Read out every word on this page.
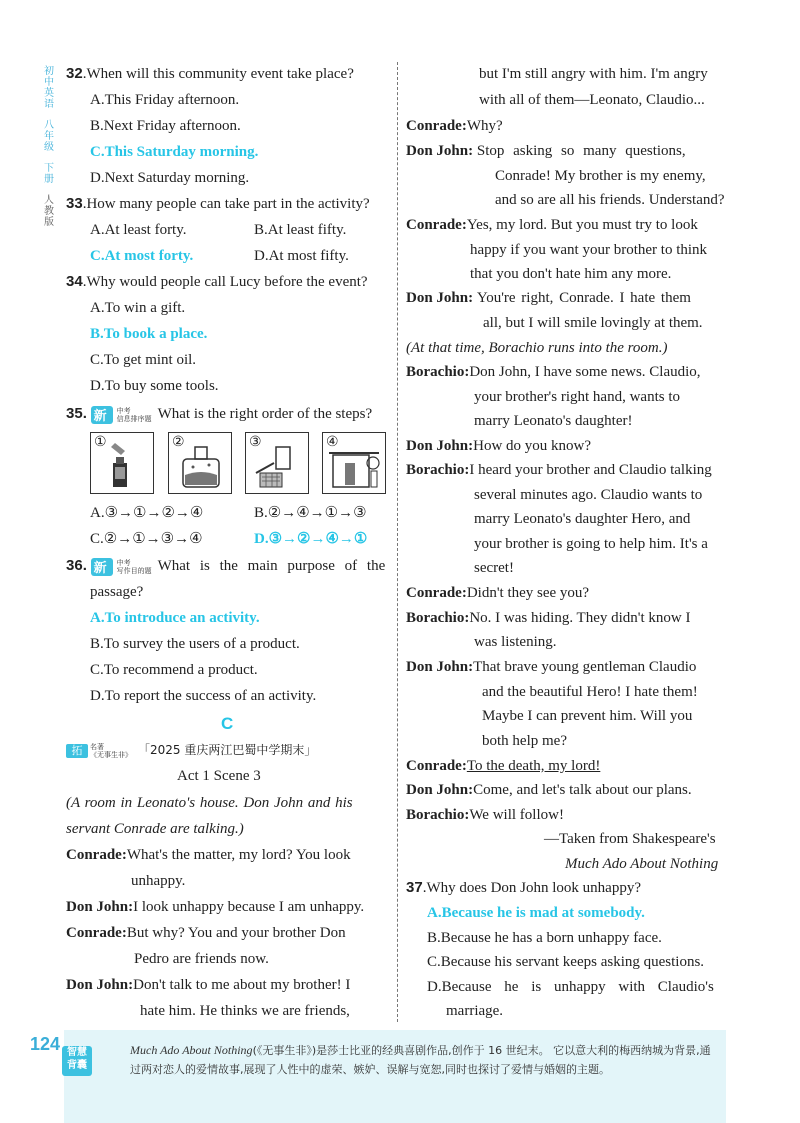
初
中
英
语
八
年
级
下
册
人
教
版
32.When will this community event take place?
A.This Friday afternoon.
B.Next Friday afternoon.
C.This Saturday morning.
D.Next Saturday morning.
33.How many people can take part in the activity?
A.At least forty.	B.At least fifty.
C.At most forty.	D.At most fifty.
34.Why would people call Lucy before the event?
A.To win a gift.
B.To book a place.
C.To get mint oil.
D.To buy some tools.
35. 新 中考
信息排序题 What is the right order of the steps?
①	②	③	④
A.③→①→②→④	B.②→④→①→③
C.②→①→③→④	D.③→②→④→①
36. 新 中考
写作目的题 What is the main purpose of the
passage?
A.To introduce an activity.
B.To survey the users of a product.
C.To recommend a product.
D.To report the success of an activity.
C
拓 名著
《无事生非》 「2025 重庆两江巴蜀中学期末」
Act 1 Scene 3
(A room in Leonato's house. Don John and his
servant Conrade are talking.)
Conrade:What's the matter, my lord? You look
unhappy.
Don John:I look unhappy because I am unhappy.
Conrade:But why? You and your brother Don
Pedro are friends now.
Don John:Don't talk to me about my brother! I
hate him. He thinks we are friends,
but I'm still angry with him. I'm angry
with all of them—Leonato, Claudio...
Conrade:Why?
Don John: Stop asking so many questions,
Conrade! My brother is my enemy,
and so are all his friends. Understand?
Conrade:Yes, my lord. But you must try to look
happy if you want your brother to think
that you don't hate him any more.
Don John: You're right, Conrade. I hate them
all, but I will smile lovingly at them.
(At that time, Borachio runs into the room.)
Borachio:Don John, I have some news. Claudio,
your brother's right hand, wants to
marry Leonato's daughter!
Don John:How do you know?
Borachio:I heard your brother and Claudio talking
several minutes ago. Claudio wants to
marry Leonato's daughter Hero, and
your brother is going to help him. It's a
secret!
Conrade:Didn't they see you?
Borachio:No. I was hiding. They didn't know I
was listening.
Don John:That brave young gentleman Claudio
and the beautiful Hero! I hate them!
Maybe I can prevent him. Will you
both help me?
Conrade:To the death, my lord!
Don John:Come, and let's talk about our plans.
Borachio:We will follow!
—Taken from Shakespeare's
Much Ado About Nothing
37.Why does Don John look unhappy?
A.Because he is mad at somebody.
B.Because he has a born unhappy face.
C.Because his servant keeps asking questions.
D.Because he is unhappy with Claudio's
marriage.
Much Ado About Nothing(《无事生非》)是莎士比亚的经典喜剧作品,创作于 16 世纪末。 它以意大利的梅西纳城为背景,通过两对恋人的爱情故事,展现了人性中的虚荣、嫉妒、误解与宽恕,同时也探讨了爱情与婚姻的主题。
124 智慧
背囊
